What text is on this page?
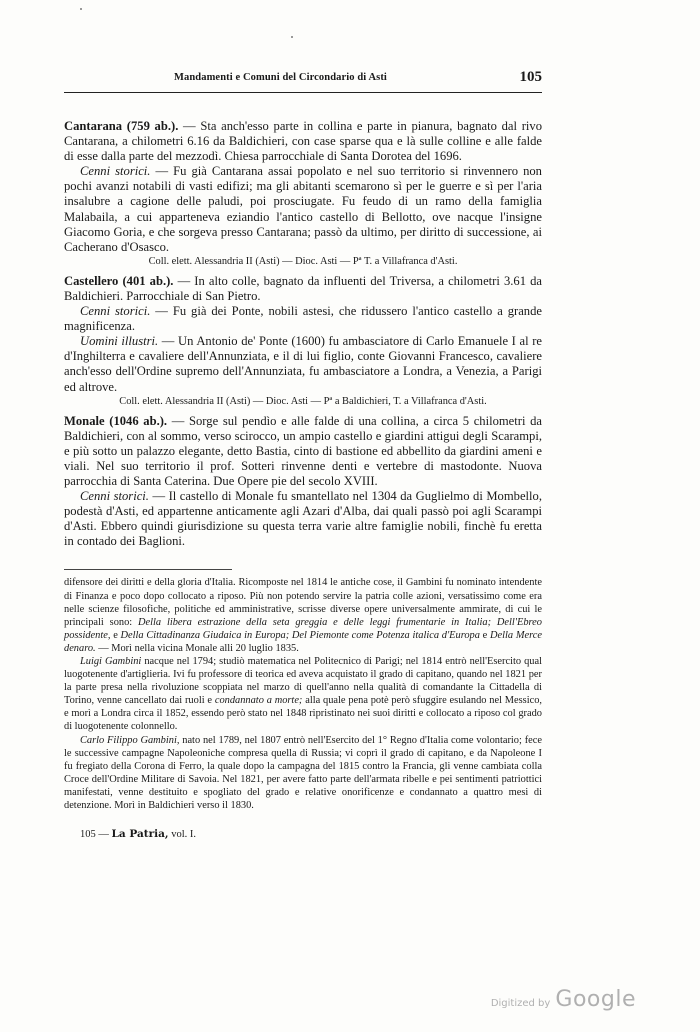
Mandamenti e Comuni del Circondario di Asti	105

Cantarana (759 ab.). — Sta anch'esso parte in collina e parte in pianura, bagnato dal rivo Cantarana, a chilometri 6.16 da Baldichieri, con case sparse qua e là sulle colline e alle falde di esse dalla parte del mezzodì. Chiesa parrocchiale di Santa Dorotea del 1696.

Cenni storici. — Fu già Cantarana assai popolato e nel suo territorio si rinvennero non pochi avanzi notabili di vasti edifizi; ma gli abitanti scemarono sì per le guerre e sì per l'aria insalubre a cagione delle paludi, poi prosciugate. Fu feudo di un ramo della famiglia Malabaila, a cui apparteneva eziandio l'antico castello di Bellotto, ove nacque l'insigne Giacomo Goria, e che sorgeva presso Cantarana; passò da ultimo, per diritto di successione, ai Cacherano d'Osasco.

Coll. elett. Alessandria II (Asti) — Dioc. Asti — Pª T. a Villafranca d'Asti.

Castellero (401 ab.). — In alto colle, bagnato da influenti del Triversa, a chilometri 3.61 da Baldichieri. Parrocchiale di San Pietro.

Cenni storici. — Fu già dei Ponte, nobili astesi, che ridussero l'antico castello a grande magnificenza.

Uomini illustri. — Un Antonio de' Ponte (1600) fu ambasciatore di Carlo Emanuele I al re d'Inghilterra e cavaliere dell'Annunziata, e il di lui figlio, conte Giovanni Francesco, cavaliere anch'esso dell'Ordine supremo dell'Annunziata, fu ambasciatore a Londra, a Venezia, a Parigi ed altrove.

Coll. elett. Alessandria II (Asti) — Dioc. Asti — Pª a Baldichieri, T. a Villafranca d'Asti.

Monale (1046 ab.). — Sorge sul pendìo e alle falde di una collina, a circa 5 chilometri da Baldichieri, con al sommo, verso scirocco, un ampio castello e giardini attigui degli Scarampi, e più sotto un palazzo elegante, detto Bastia, cinto di bastione ed abbellito da giardini ameni e viali. Nel suo territorio il prof. Sotteri rinvenne denti e vertebre di mastodonte. Nuova parrocchia di Santa Caterina. Due Opere pie del secolo XVIII.

Cenni storici. — Il castello di Monale fu smantellato nel 1304 da Guglielmo di Mombello, podestà d'Asti, ed appartenne anticamente agli Azari d'Alba, dai quali passò poi agli Scarampi d'Asti. Ebbero quindi giurisdizione su questa terra varie altre famiglie nobili, finchè fu eretta in contado dei Baglioni.

difensore dei diritti e della gloria d'Italia. Ricomposte nel 1814 le antiche cose, il Gambini fu nominato intendente di Finanza e poco dopo collocato a riposo. Più non potendo servire la patria colle azioni, versatissimo come era nelle scienze filosofiche, politiche ed amministrative, scrisse diverse opere universalmente ammirate, di cui le principali sono: Della libera estrazione della seta greggia e delle leggi frumentarie in Italia; Dell'Ebreo possidente, e Della Cittadinanza Giudaica in Europa; Del Piemonte come Potenza italica d'Europa e Della Merce denaro. — Morì nella vicina Monale alli 20 luglio 1835.

Luigi Gambini nacque nel 1794; studiò matematica nel Politecnico di Parigi; nel 1814 entrò nell'Esercito qual luogotenente d'artiglieria. Ivi fu professore di teorica ed aveva acquistato il grado di capitano, quando nel 1821 per la parte presa nella rivoluzione scoppiata nel marzo di quell'anno nella qualità di comandante la Cittadella di Torino, venne cancellato dai ruoli e condannato a morte; alla quale pena potè però sfuggire esulando nel Messico, e morì a Londra circa il 1852, essendo però stato nel 1848 ripristinato nei suoi diritti e collocato a riposo col grado di luogotenente colonnello.

Carlo Filippo Gambini, nato nel 1789, nel 1807 entrò nell'Esercito del 1° Regno d'Italia come volontario; fece le successive campagne Napoleoniche compresa quella di Russia; vi coprì il grado di capitano, e da Napoleone I fu fregiato della Corona di Ferro, la quale dopo la campagna del 1815 contro la Francia, gli venne cambiata colla Croce dell'Ordine Militare di Savoia. Nel 1821, per avere fatto parte dell'armata ribelle e pei sentimenti patriottici manifestati, venne destituito e spogliato del grado e relative onorificenze e condannato a quattro mesi di detenzione. Morì in Baldichieri verso il 1830.

105 — La Patria, vol. I.
Digitized by Google
